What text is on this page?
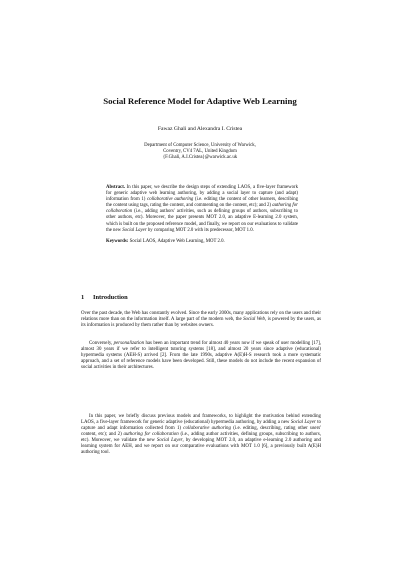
Social Reference Model for Adaptive Web Learning
Fawaz Ghali and Alexandra I. Cristea
Department of Computer Science, University of Warwick,
Coventry, CV4 7AL, United Kingdom
{F.Ghali, A.I.Cristea}@warwick.ac.uk
Abstract. In this paper, we describe the design steps of extending LAOS, a five-layer framework for generic adaptive web learning authoring, by adding a social layer to capture (and adapt) information from 1) collaborative authoring (i.e. editing the content of other learners, describing the content using tags, rating the content, and commenting on the content, etc); and 2) authoring for collaboration (i.e., adding authors' activities, such as defining groups of authors, subscribing to other authors, etc). Moreover, the paper presents MOT 2.0, an adaptive E-learning 2.0 system, which is built on the proposed reference model, and finally, we report on our evaluations to validate the new Social Layer by comparing MOT 2.0 with its predecessor, MOT 1.0.
Keywords: Social LAOS, Adaptive Web Learning, MOT 2.0.
1 Introduction
Over the past decade, the Web has constantly evolved. Since the early 2000s, many applications rely on the users and their relations more than on the information itself. A large part of the modern web, the Social Web, is powered by the users, as its information is produced by them rather than by websites owners.
Conversely, personalization has been an important trend for almost 40 years now if we speak of user modelling [17], almost 30 years if we refer to intelligent tutoring systems [18], and almost 20 years since adaptive (educational) hypermedia systems (AEH-S) arrived [2]. From the late 1990s, adaptive A(E)H-S research took a more systematic approach, and a set of reference models have been developed. Still, these models do not include the recent expansion of social activities in their architectures.
In this paper, we briefly discuss previous models and frameworks, to highlight the motivation behind extending LAOS, a five-layer framework for generic adaptive (educational) hypermedia authoring, by adding a new Social Layer to capture and adapt information collected from 1) collaborative authoring (i.e. editing, describing, rating other users' content, etc); and 2) authoring for collaboration (i.e., adding author activities, defining groups, subscribing to authors, etc). Moreover, we validate the new Social Layer, by developing MOT 2.0, an adaptive e-learning 2.0 authoring and learning system for AEH, and we report on our comparative evaluations with MOT 1.0 [6], a previously built A(E)H authoring tool.
